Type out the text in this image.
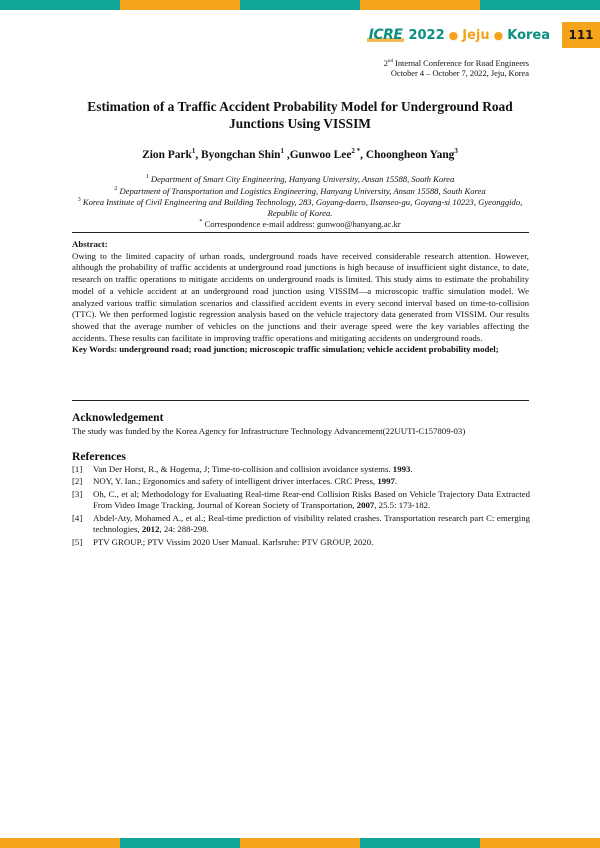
ICRE 2022 ● Jeju ● Korea	111
2nd Internal Conference for Road Engineers
October 4 – October 7, 2022, Jeju, Korea
Estimation of a Traffic Accident Probability Model for Underground Road
Junctions Using VISSIM
Zion Park$^1$, Byongchan Shin$^1$ ,Gunwoo Lee$^{2 *}$, Choongheon Yang$^3$
$^1$ Department of Smart City Engineering, Hanyang University, Ansan 15588, South Korea
$^2$ Department of Transportation and Logistics Engineering, Hanyang University, Ansan 15588, South Korea
$^3$ Korea Institute of Civil Engineering and Building Technology, 283, Goyang-daero, Ilsanseo-gu, Goyang-si 10223, Gyeonggido, Republic of Korea.
* Correspondence e-mail address: gunwoo@hanyang.ac.kr
Abstract:
Owing to the limited capacity of urban roads, underground roads have received considerable research attention. However, although the probability of traffic accidents at underground road junctions is high because of insufficient sight distance, to date, research on traffic operations to mitigate accidents on underground roads is limited. This study aims to estimate the probability model of a vehicle accident at an underground road junction using VISSIM—a microscopic traffic simulation model. We analyzed various traffic simulation scenarios and classified accident events in every second interval based on time-to-collision (TTC). We then performed logistic regression analysis based on the vehicle trajectory data generated from VISSIM. Our results showed that the average number of vehicles on the junctions and their average speed were the key variables affecting the accidents. These results can facilitate in improving traffic operations and mitigating accidents on underground roads.
Key Words: underground road; road junction; microscopic traffic simulation; vehicle accident probability model;
Acknowledgement
The study was funded by the Korea Agency for Infrastructure Technology Advancement(22UUTI-C157809-03)
References
[1]	Van Der Horst, R., & Hogema, J; Time-to-collision and collision avoidance systems. 1993.
[2]	NOY, Y. Ian.; Ergonomics and safety of intelligent driver interfaces. CRC Press, 1997.
[3]	Oh, C., et al; Methodology for Evaluating Real-time Rear-end Collision Risks Based on Vehicle Trajectory Data Extracted From Video Image Tracking. Journal of Korean Society of Transportation, 2007, 25.5: 173-182.
[4]	Abdel-Aty, Mohamed A., et al.; Real-time prediction of visibility related crashes. Transportation research part C: emerging technologies, 2012, 24: 288-298.
[5]	PTV GROUP.; PTV Vissim 2020 User Manual. Karlsruhe: PTV GROUP, 2020.
